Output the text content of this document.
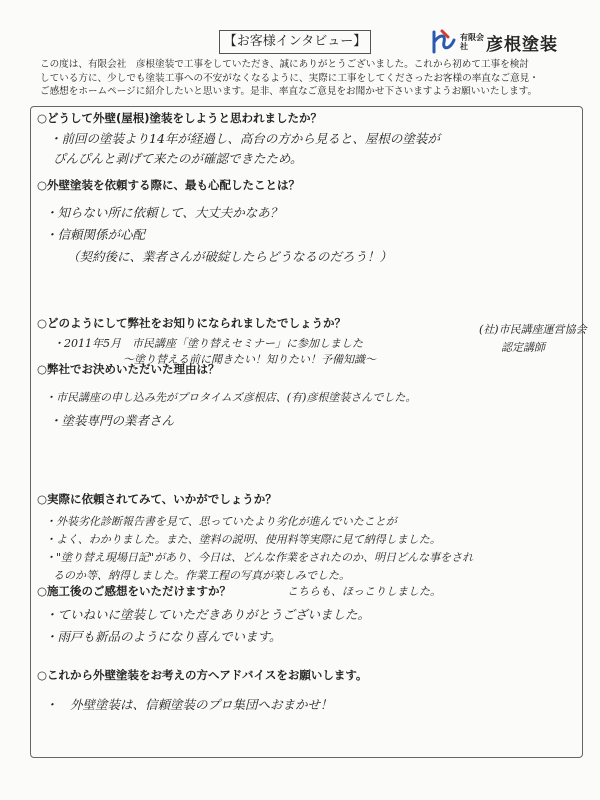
【お客様インタビュー】	有限会社	彦根塗装
この度は、有限会社　彦根塗装で工事をしていただき、誠にありがとうございました。これから初めて工事を検討
している方に、少しでも塗装工事への不安がなくなるように、実際に工事をしてくださったお客様の率直なご意見・
ご感想をホームページに紹介したいと思います。是非、率直なご意見をお聞かせ下さいますようお願いいたします。
○どうして外壁(屋根)塗装をしようと思われましたか？
・前回の塗装より14年が経過し、高台の方から見ると、屋根の塗装が
ぴんぴんと剥げて来たのが確認できたため。
○外壁塗装を依頼する際に、最も心配したことは？
・知らない所に依頼して、大丈夫かなあ？
・信頼関係が心配
（契約後に、業者さんが破綻したらどうなるのだろう！）
○どのようにして弊社をお知りになられましたでしょうか？
・2011年5月　市民講座「塗り替えセミナー」に参加しました
〜塗り替える前に聞きたい！知りたい！予備知識〜
(社)市民講座運営協会
認定講師
○弊社でお決めいただいた理由は？
・市民講座の申し込み先がプロタイムズ彦根店、(有)彦根塗装さんでした。
・塗装専門の業者さん
○実際に依頼されてみて、いかがでしょうか？
・外装劣化診断報告書を見て、思っていたより劣化が進んでいたことが
・よく、わかりました。また、塗料の説明、使用料等実際に見て納得しました。
・"塗り替え現場日記"があり、今日は、どんな作業をされたのか、明日どんな事をされ
るのか等、納得しました。作業工程の写真が楽しみでした。
こちらも、ほっこりしました。
○施工後のご感想をいただけますか？
・ていねいに塗装していただきありがとうございました。
・雨戸も新品のようになり喜んでいます。
○これから外壁塗装をお考えの方へアドバイスをお願いします。
・　外壁塗装は、信頼塗装のプロ集団へおまかせ！
